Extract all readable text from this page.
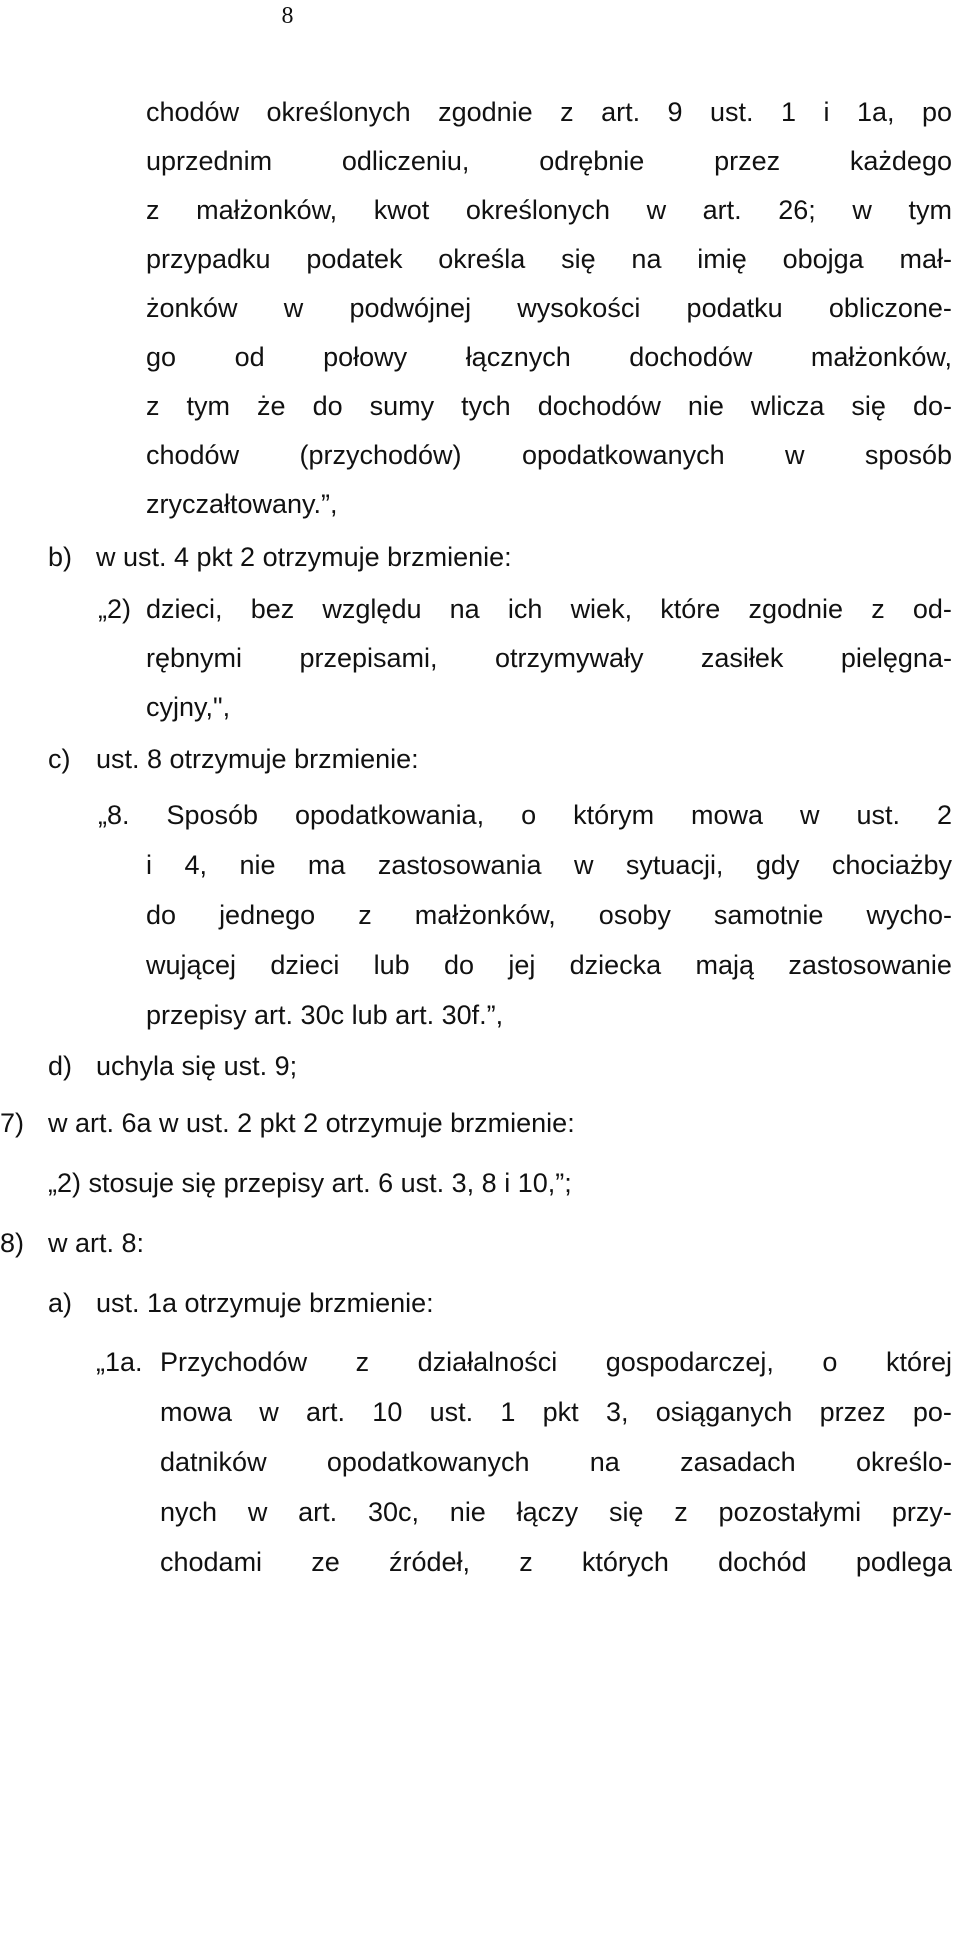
8
chodów określonych zgodnie z art. 9 ust. 1 i 1a, po
uprzednim	odliczeniu,	odrębnie	przez	każdego
z małżonków, kwot określonych w art. 26; w tym
przypadku podatek określa się na imię obojga mał-
żonków w podwójnej wysokości podatku obliczone-
go od połowy łącznych dochodów małżonków,
z tym że do sumy tych dochodów nie wlicza się do-
chodów (przychodów) opodatkowanych w sposób
zryczałtowany.”,
b) w ust. 4 pkt 2 otrzymuje brzmienie:
„2) dzieci, bez względu na ich wiek, które zgodnie z od-
rębnymi przepisami, otrzymywały zasiłek pielęgna-
cyjny,",
c) ust. 8 otrzymuje brzmienie:
„8. Sposób opodatkowania, o którym mowa w ust. 2
i 4, nie ma zastosowania w sytuacji, gdy chociażby
do jednego z małżonków, osoby samotnie wycho-
wującej dzieci lub do jej dziecka mają zastosowanie
przepisy art. 30c lub art. 30f.”,
d) uchyla się ust. 9;
7) w art. 6a w ust. 2 pkt 2 otrzymuje brzmienie:
„2) stosuje się przepisy art. 6 ust. 3, 8 i 10,”;
8) w art. 8:
a) ust. 1a otrzymuje brzmienie:
„1a. Przychodów z działalności gospodarczej, o której
mowa w art. 10 ust. 1 pkt 3, osiąganych przez po-
datników opodatkowanych na zasadach określo-
nych w art. 30c, nie łączy się z pozostałymi przy-
chodami ze źródeł, z których dochód podlega
